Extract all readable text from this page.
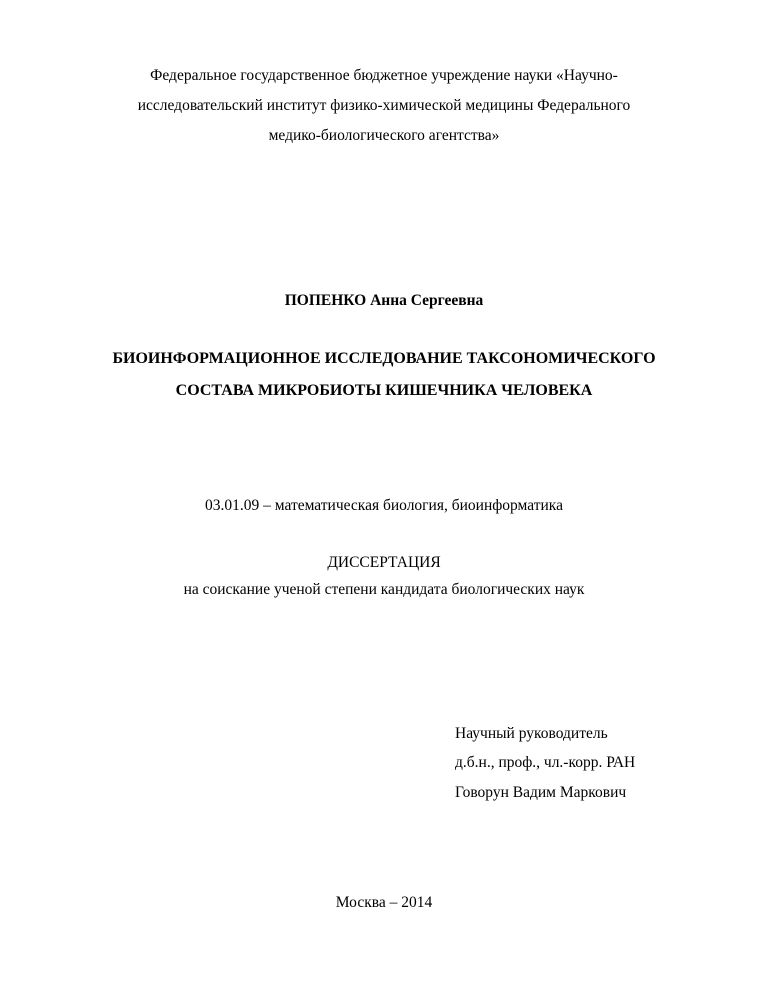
Федеральное государственное бюджетное учреждение науки «Научно-
исследовательский институт физико-химической медицины Федерального
медико-биологического агентства»
ПОПЕНКО Анна Сергеевна
БИОИНФОРМАЦИОННОЕ ИССЛЕДОВАНИЕ ТАКСОНОМИЧЕСКОГО
СОСТАВА МИКРОБИОТЫ КИШЕЧНИКА ЧЕЛОВЕКА
03.01.09 – математическая биология, биоинформатика
ДИССЕРТАЦИЯ
на соискание ученой степени кандидата биологических наук
Научный руководитель
д.б.н., проф., чл.-корр. РАН
Говорун Вадим Маркович
Москва – 2014
